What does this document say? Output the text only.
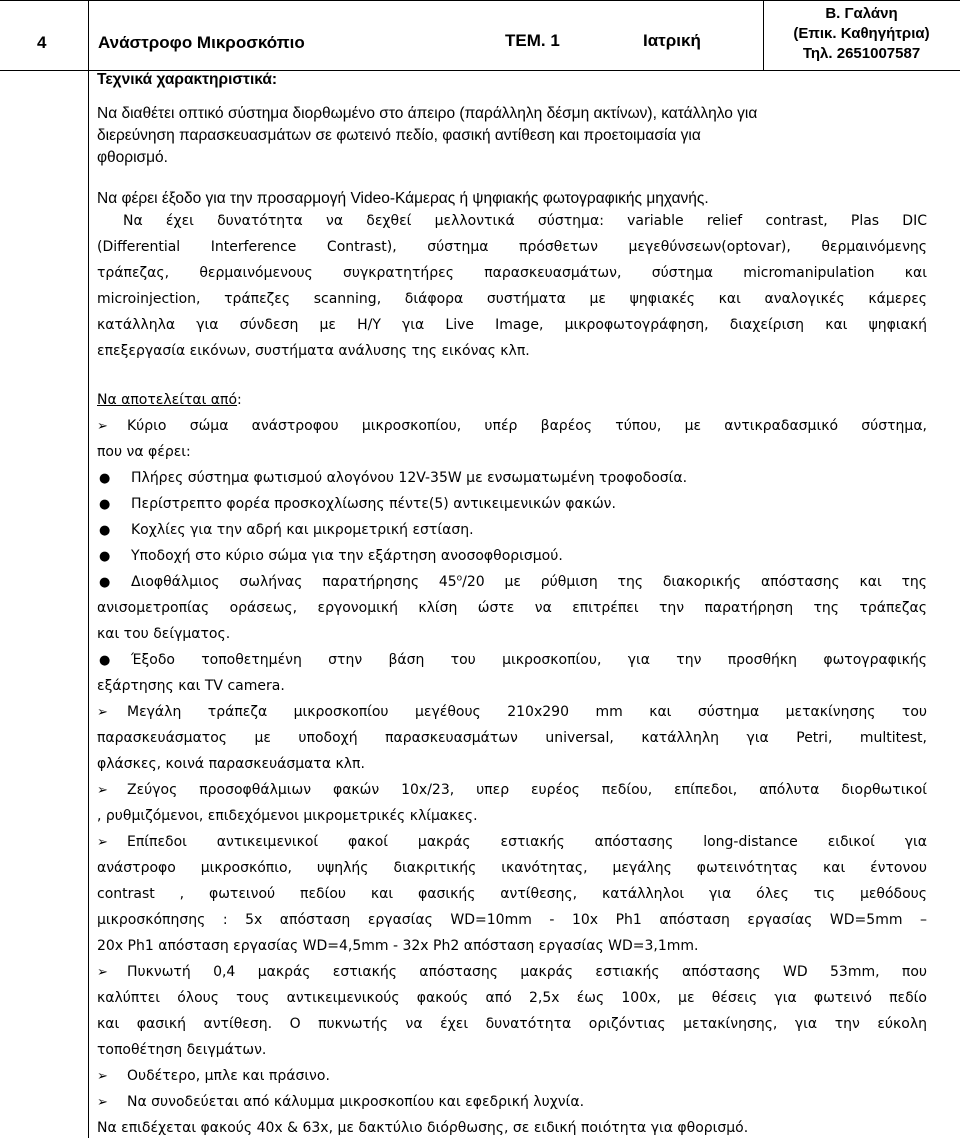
4	Ανάστροφο Μικροσκόπιο	ΤΕΜ. 1	Ιατρική
Β. Γαλάνη
(Επικ. Καθηγήτρια)
Τηλ. 2651007587
Τεχνικά χαρακτηριστικά:
Να διαθέτει οπτικό σύστημα διορθωμένο στο άπειρο (παράλληλη δέσμη ακτίνων), κατάλληλο για
διερεύνηση παρασκευασμάτων σε φωτεινό πεδίο, φασική αντίθεση και προετοιμασία για
φθορισμό.
Να φέρει έξοδο για την προσαρμογή Video-Κάμερας ή ψηφιακής φωτογραφικής μηχανής.
Να έχει δυνατότητα να δεχθεί μελλοντικά σύστημα: variable relief contrast, Plas DIC
(Differential Interference Contrast), σύστημα πρόσθετων μεγεθύνσεων(optovar), θερμαινόμενης
τράπεζας, θερμαινόμενους συγκρατητήρες παρασκευασμάτων, σύστημα micromanipulation και
microinjection, τράπεζες scanning, διάφορα συστήματα με ψηφιακές και αναλογικές κάμερες
κατάλληλα για σύνδεση με Η/Υ για Live Image, μικροφωτογράφηση, διαχείριση και ψηφιακή
επεξεργασία εικόνων, συστήματα ανάλυσης της εικόνας κλπ.
Να αποτελείται από:
➢ Κύριο σώμα ανάστροφου μικροσκοπίου, υπέρ βαρέος τύπου, με αντικραδασμικό σύστημα,
που να φέρει:
● Πλήρες σύστημα φωτισμού αλογόνου 12V-35W με ενσωματωμένη τροφοδοσία.
● Περίστρεπτο φορέα προσκοχλίωσης πέντε(5) αντικειμενικών φακών.
● Κοχλίες για την αδρή και μικρομετρική εστίαση.
● Υποδοχή στο κύριο σώμα για την εξάρτηση ανοσοφθορισμού.
● Διοφθάλμιος σωλήνας παρατήρησης $45^o/20$ με ρύθμιση της διακορικής απόστασης και της
ανισομετροπίας οράσεως, εργονομική κλίση ώστε να επιτρέπει την παρατήρηση της τράπεζας
και του δείγματος.
● Έξοδο τοποθετημένη στην βάση του μικροσκοπίου, για την προσθήκη φωτογραφικής
εξάρτησης και TV camera.
➢ Μεγάλη τράπεζα μικροσκοπίου μεγέθους 210x290 mm και σύστημα μετακίνησης του
παρασκευάσματος με υποδοχή παρασκευασμάτων universal, κατάλληλη για Petri, multitest,
φλάσκες, κοινά παρασκευάσματα κλπ.
➢ Ζεύγος προσοφθάλμιων φακών 10x/23, υπερ ευρέος πεδίου, επίπεδοι, απόλυτα διορθωτικοί
, ρυθμιζόμενοι, επιδεχόμενοι μικρομετρικές κλίμακες.
➢ Επίπεδοι αντικειμενικοί φακοί μακράς εστιακής απόστασης long-distance ειδικοί για
ανάστροφο μικροσκόπιο, υψηλής διακριτικής ικανότητας, μεγάλης φωτεινότητας και έντονου
contrast , φωτεινού πεδίου και φασικής αντίθεσης, κατάλληλοι για όλες τις μεθόδους
μικροσκόπησης : 5x απόσταση εργασίας WD=10mm - 10x Ph1 απόσταση εργασίας WD=5mm –
20x Ph1 απόσταση εργασίας WD=4,5mm - 32x Ph2 απόσταση εργασίας WD=3,1mm.
➢ Πυκνωτή 0,4 μακράς εστιακής απόστασης μακράς εστιακής απόστασης WD 53mm, που
καλύπτει όλους τους αντικειμενικούς φακούς από 2,5x έως 100x, με θέσεις για φωτεινό πεδίο
και φασική αντίθεση. Ο πυκνωτής να έχει δυνατότητα οριζόντιας μετακίνησης, για την εύκολη
τοποθέτηση δειγμάτων.
➢ Ουδέτερο, μπλε και πράσινο.
➢ Να συνοδεύεται από κάλυμμα μικροσκοπίου και εφεδρική λυχνία.
Να επιδέχεται φακούς 40x & 63x, με δακτύλιο διόρθωσης, σε ειδική ποιότητα για φθορισμό.
